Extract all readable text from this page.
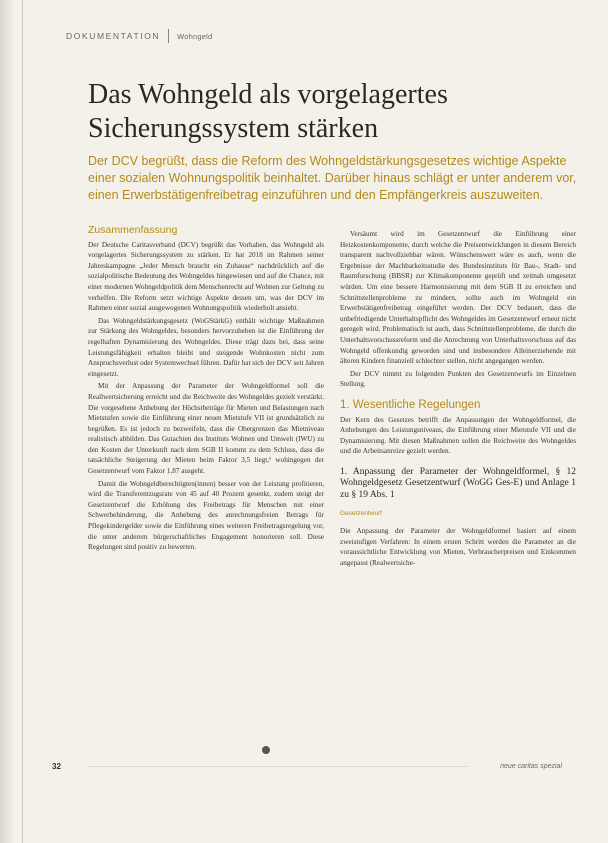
DOKUMENTATION Wohngeld
Das Wohngeld als vorgelagertes Sicherungssystem stärken

Der DCV begrüßt, dass die Reform des Wohngeldstärkungsgesetzes wichtige Aspekte einer sozialen Wohnungspolitik beinhaltet. Darüber hinaus schlägt er unter anderem vor, einen Erwerbstätigenfreibetrag einzuführen und den Empfängerkreis auszuweiten.

Zusammenfassung

Der Deutsche Caritasverband (DCV) begrüßt das Vorhaben, das Wohngeld als vorgelagertes Sicherungssystem zu stärken. Er hat 2018 im Rahmen seiner Jahreskampagne „Jeder Mensch braucht ein Zuhause“ nachdrücklich auf die sozialpolitische Bedeutung des Wohngeldes hingewiesen und auf die Chance, mit einer modernen Wohngeldpolitik dem Menschenrecht auf Wohnen zur Geltung zu verhelfen. Die Reform setzt wichtige Aspekte dessen um, was der DCV im Rahmen einer sozial ausgewogenen Wohnungspolitik wiederholt ansieht.

Das Wohngeldstärkungsgesetz (WoGStärkG) enthält wichtige Maßnahmen zur Stärkung des Wohngeldes, besonders hervorzuheben ist die Einführung der regelhaften Dynamisierung des Wohngeldes. Diese trägt dazu bei, dass seine Leistungsfähigkeit erhalten bleibt und steigende Wohnkosten nicht zum Anspruchsverlust oder Systemwechsel führen. Dafür hat sich der DCV seit Jahren eingesetzt.

Mit der Anpassung der Parameter der Wohngeldformel soll die Reallwertsicherung erreicht und die Reichweite des Wohngeldes gezielt verstärkt. Die vorgesehene Anhebung der Höchstbeträge für Mieten und Belastungen nach Mietstufen sowie die Einführung einer neuen Mietstufe VII ist grundsätzlich zu begrüßen. Es ist jedoch zu bezweifeln, dass die Obergrenzen das Mietniveau realistisch abbilden. Das Gutachten des Instituts Wohnen und Umwelt (IWU) zu den Kosten der Unterkunft nach dem SGB II kommt zu dem Schluss, dass die tatsächliche Steigerung der Mieten beim Faktor 3,5 liegt,¹ wohingegen der Gesetzentwurf vom Faktor 1,87 ausgeht.

Damit die Wohngeldberechtigten(innen) besser von der Leistung profitieren, wird die Transferentzugsrate von 45 auf 40 Prozent gesenkt, zudem steigt der Gesetzentwurf die Erhöhung des Freibetrags für Menschen mit einer Schwerbehinderung, die Anhebung des anrechnungsfreien Betrags für Pflegekindergelder sowie die Einführung eines weiteren Freibetragsregelung vor, die unter anderem bürgerschaftliches Engagement honorieren soll. Diese Regelungen sind positiv zu bewerten.

Versäumt wird im Gesetzentwurf die Einführung einer Heizkostenkomponente, durch welche die Preisentwicklungen in diesem Bereich transparent nachvollziehbar wären. Wünschenswert wäre es auch, wenn die Ergebnisse der Machbarkeitsstudie des Bundesinstituts für Bau-, Stadt- und Raumforschung (BBSR) zur Klimakomponente geprüft und zeitnah umgesetzt würden. Um eine bessere Harmonisierung mit dem SGB II zu erreichen und Schnittstellenprobleme zu mindern, sollte auch im Wohngeld ein Erwerbstätigenfreibetrag eingeführt werden. Der DCV bedauert, dass die unbefriedigende Unterhaltspflicht des Wohngeldes im Gesetzentwurf erneut nicht geregelt wird. Problematisch ist auch, dass Schnittstellenprobleme, die durch die Unterhaltsvorschussreform und die Anrechnung von Unterhaltsvorschuss auf das Wohngeld offenkundig geworden sind und insbesondere Alleinerziehende mit älteren Kindern finanziell schlechter stellen, nicht angegangen werden.

Der DCV nimmt zu folgenden Punkten des Gesetzentwurfs im Einzelnen Stellung.

1. Wesentliche Regelungen

Der Kern des Gesetzes betrifft die Anpassungen der Wohngeldformel, die Anhebungen des Leistungsniveaus, die Einführung einer Mietstufe VII und die Dynamisierung. Mit diesen Maßnahmen sollen die Reichweite des Wohngeldes und die Arbeitsanreize gezielt werden.

1. Anpassung der Parameter der Wohngeldformel, § 12 Wohngeldgesetz Gesetzentwurf (WoGG Ges-E) und Anlage 1 zu § 19 Abs. 1
Gesetzentwurf

Die Anpassung der Parameter der Wohngeldformel basiert auf einem zweistufigen Verfahren: In einem ersten Schritt werden die Parameter an die voraussichtliche Entwicklung von Mieten, Verbraucherpreisen und Einkommen angepasst (Realwertsiche-

32	neue caritas spezial
